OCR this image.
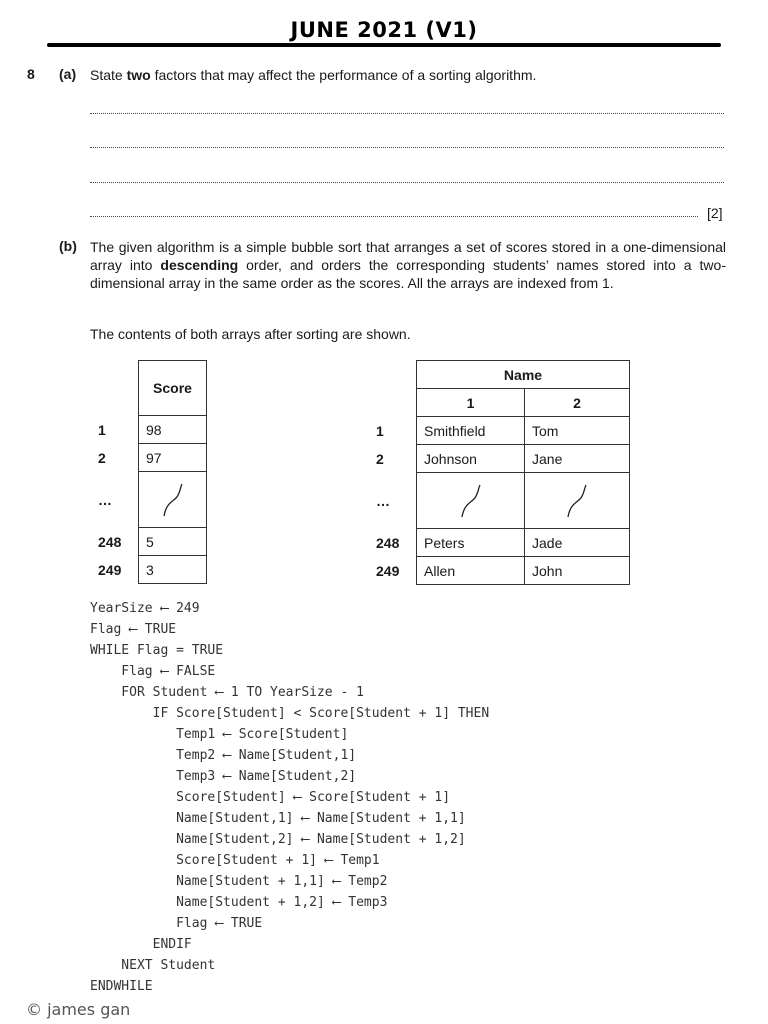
JUNE 2021 (V1)
8 (a) State two factors that may affect the performance of a sorting algorithm.
[2]
(b) The given algorithm is a simple bubble sort that arranges a set of scores stored in a one-dimensional array into descending order, and orders the corresponding students’ names stored into a two-dimensional array in the same order as the scores. All the arrays are indexed from 1.
The contents of both arrays after sorting are shown.
	Score
1	98
2	97
…	

248	5
249	3
	Name	
	1	2
1	Smithfield	Tom
2	Johnson	Jane
…	

248	Peters	Jade
249	Allen	John
YearSize ⟵ 249
Flag ⟵ TRUE
WHILE Flag = TRUE
Flag ⟵ FALSE
FOR Student ⟵ 1 TO YearSize - 1
IF Score[Student] < Score[Student + 1] THEN
Temp1 ⟵ Score[Student]
Temp2 ⟵ Name[Student,1]
Temp3 ⟵ Name[Student,2]
Score[Student] ⟵ Score[Student + 1]
Name[Student,1] ⟵ Name[Student + 1,1]
Name[Student,2] ⟵ Name[Student + 1,2]
Score[Student + 1] ⟵ Temp1
Name[Student + 1,1] ⟵ Temp2
Name[Student + 1,2] ⟵ Temp3
Flag ⟵ TRUE
ENDIF
NEXT Student
ENDWHILE
© james gan
